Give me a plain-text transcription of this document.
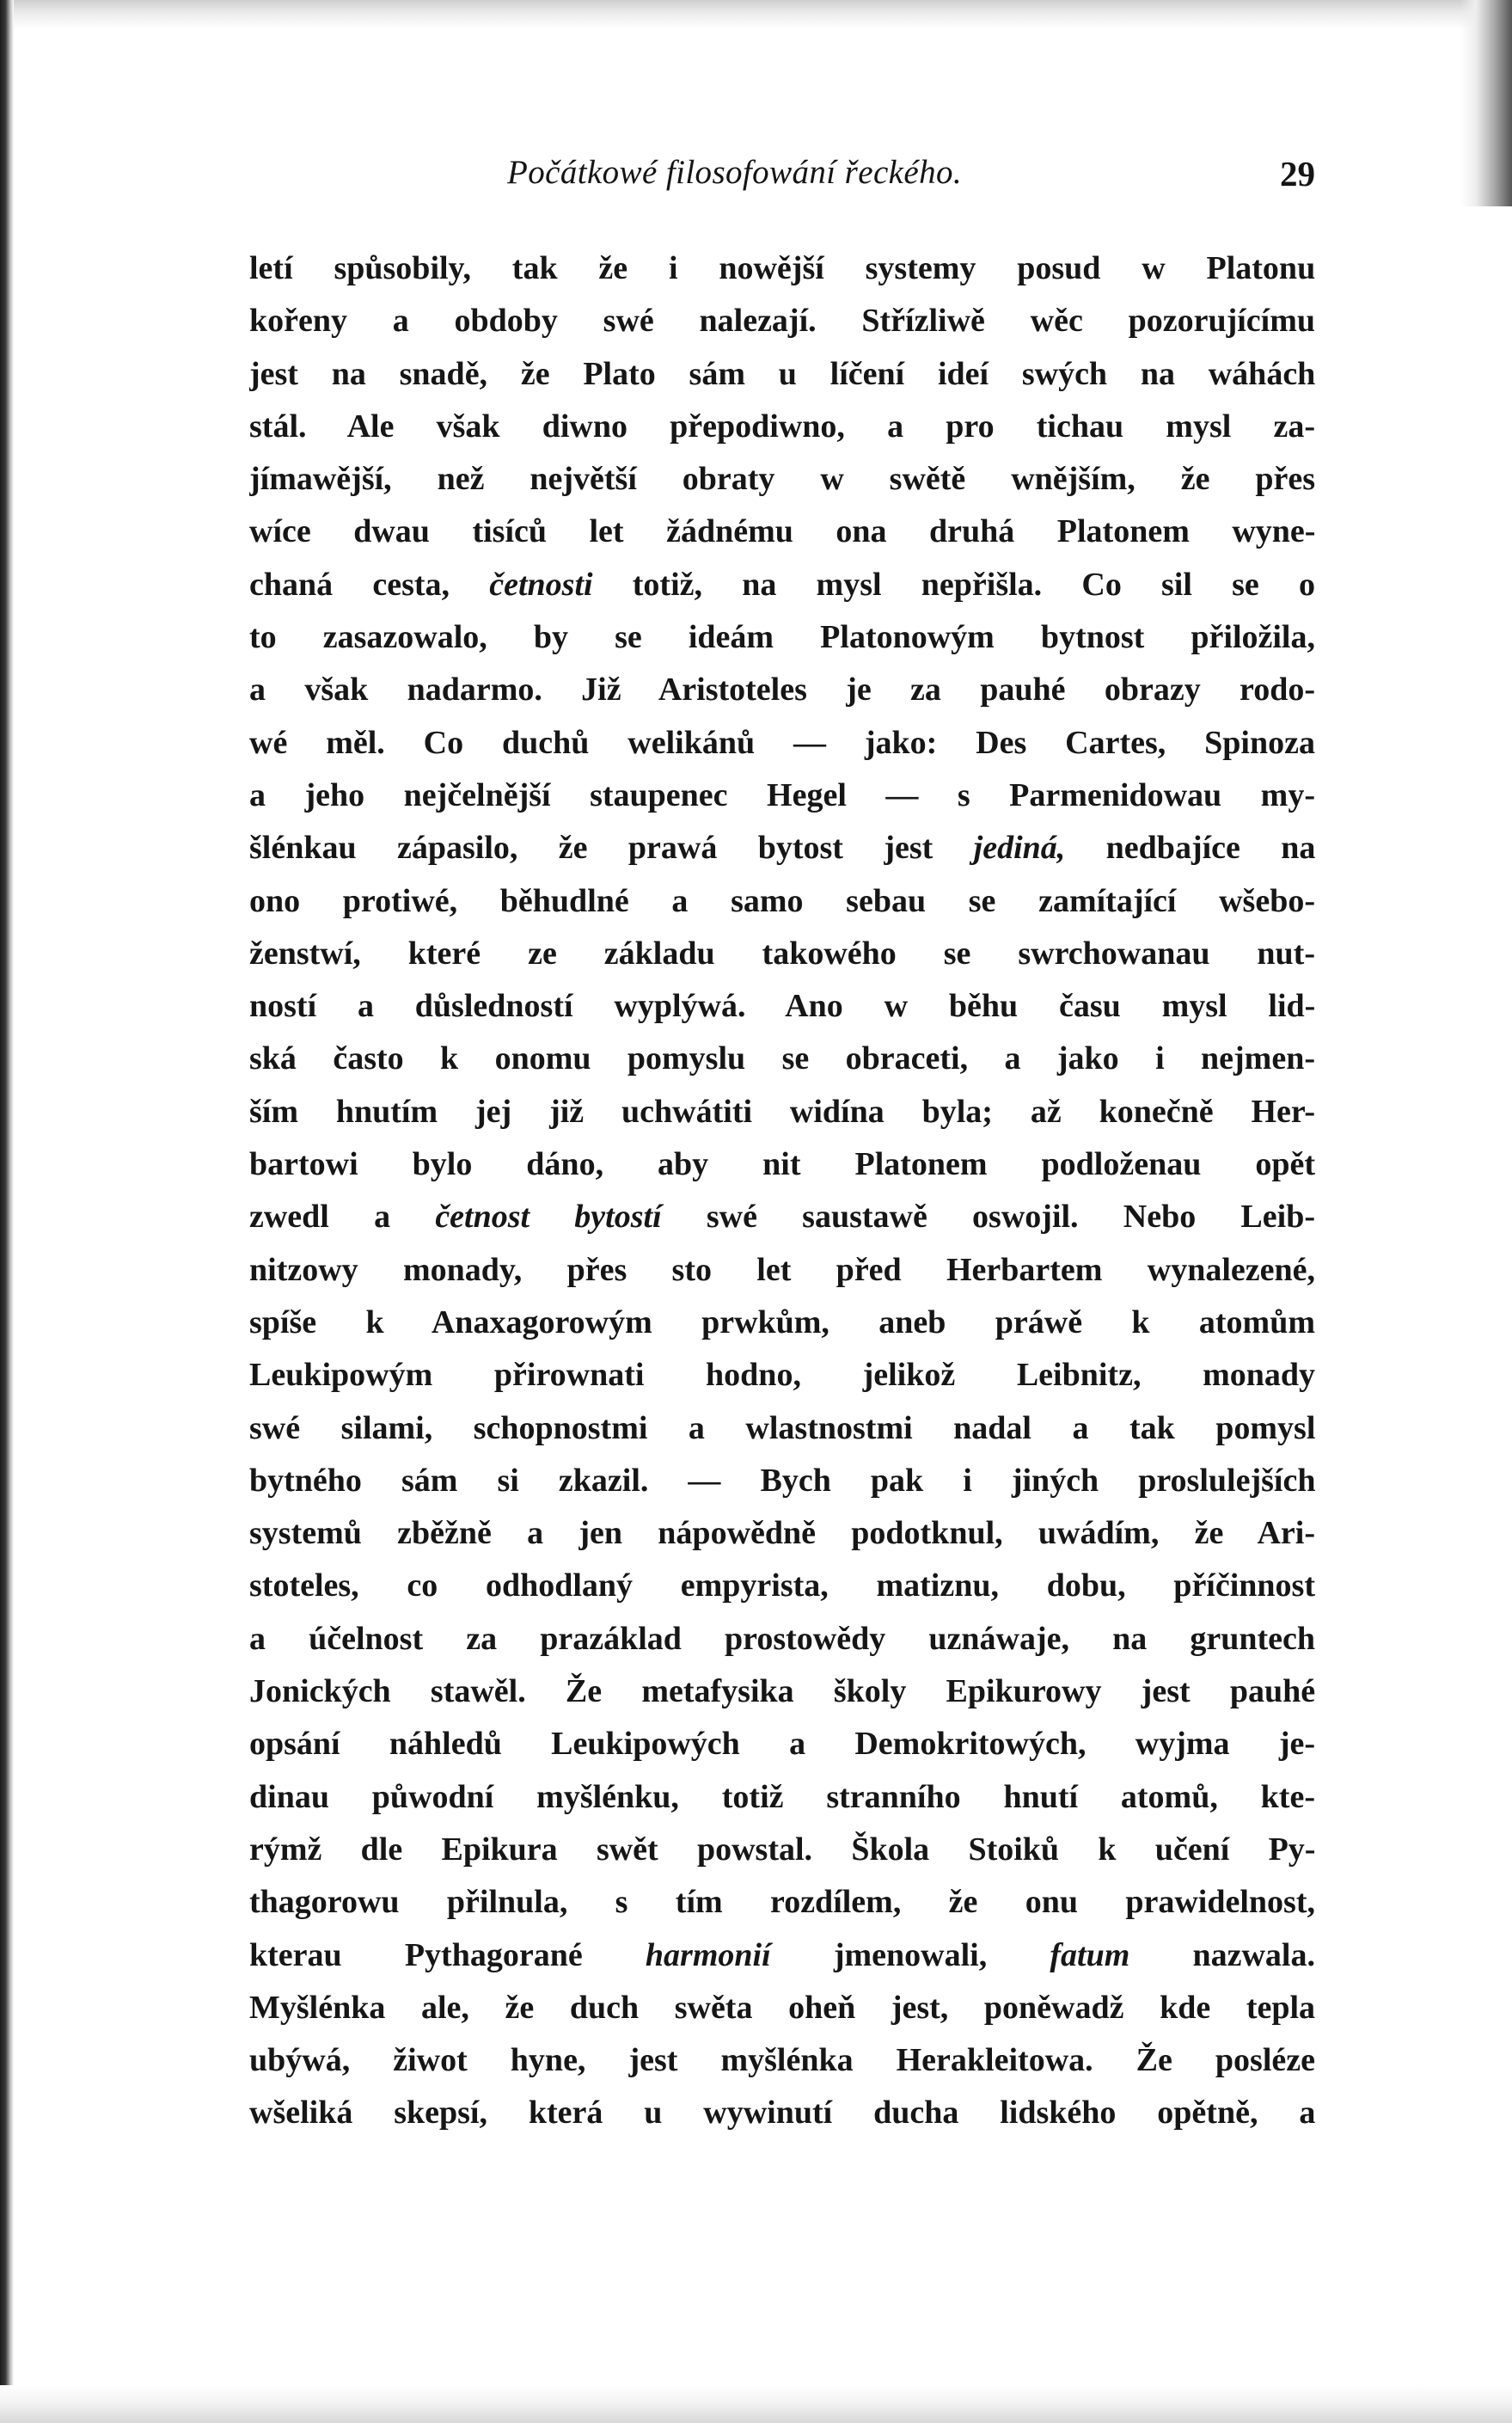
Počátkowé filosofowání řeckého.	29
letí spůsobily, tak že i nowější systemy posud w Platonu
kořeny a obdoby swé nalezají. Střízliwě wěc pozorujícímu
jest na snadě, že Plato sám u líčení ideí swých na wáhách
stál. Ale však diwno přepodiwno, a pro tichau mysl za-
jímawější, než největší obraty w swětě wnějším, že přes
wíce dwau tisíců let žádnému ona druhá Platonem wyne-
chaná cesta, četnosti totiž, na mysl nepřišla. Co sil se o
to zasazowalo, by se ideám Platonowým bytnost přiložila,
a však nadarmo. Již Aristoteles je za pauhé obrazy rodo-
wé měl. Co duchů welikánů — jako: Des Cartes, Spinoza
a jeho nejčelnější staupenec Hegel — s Parmenidowau my-
šlénkau zápasilo, že prawá bytost jest jediná, nedbajíce na
ono protiwé, běhudlné a samo sebau se zamítající wšebo-
ženstwí, které ze základu takowého se swrchowanau nut-
ností a důsledností wyplýwá. Ano w běhu času mysl lid-
ská často k onomu pomyslu se obraceti, a jako i nejmen-
ším hnutím jej již uchwátiti widína byla; až konečně Her-
bartowi bylo dáno, aby nit Platonem podloženau opět
zwedl a četnost bytostí swé saustawě oswojil. Nebo Leib-
nitzowy monady, přes sto let před Herbartem wynalezené,
spíše k Anaxagorowým prwkům, aneb práwě k atomům
Leukipowým přirownati hodno, jelikož Leibnitz, monady
swé silami, schopnostmi a wlastnostmi nadal a tak pomysl
bytného sám si zkazil. — Bych pak i jiných proslulejších
systemů zběžně a jen nápowědně podotknul, uwádím, že Ari-
stoteles, co odhodlaný empyrista, matiznu, dobu, příčinnost
a účelnost za prazáklad prostowědy uznáwaje, na gruntech
Jonických stawěl. Že metafysika školy Epikurowy jest pauhé
opsání náhledů Leukipowých a Demokritowých, wyjma je-
dinau půwodní myšlénku, totiž stranního hnutí atomů, kte-
rýmž dle Epikura swět powstal. Škola Stoiků k učení Py-
thagorowu přilnula, s tím rozdílem, že onu prawidelnost,
kterau Pythagorané harmonií jmenowali, fatum nazwala.
Myšlénka ale, že duch swěta oheň jest, poněwadž kde tepla
ubýwá, žiwot hyne, jest myšlénka Herakleitowa. Že posléze
wšeliká skepsí, která u wywinutí ducha lidského opětně, a
